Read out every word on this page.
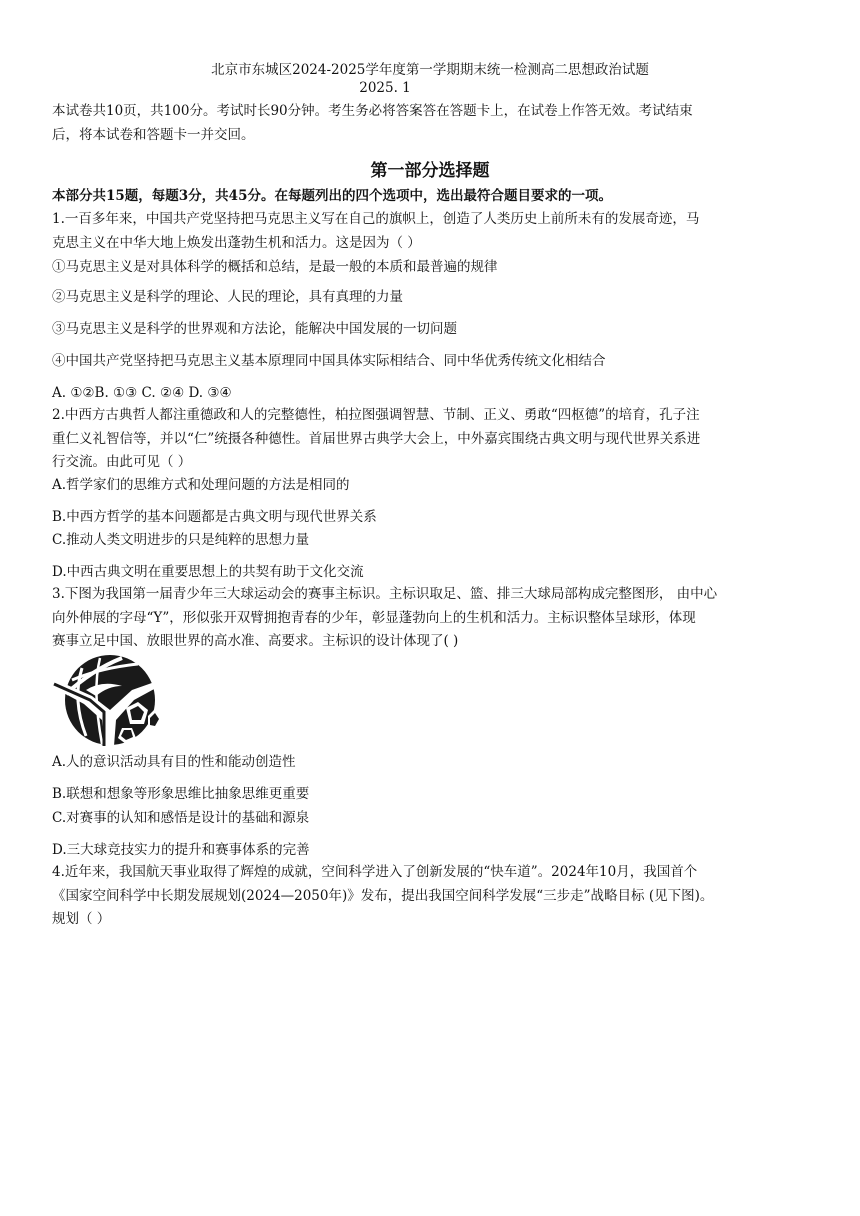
北京市东城区2024-2025学年度第一学期期末统一检测高二思想政治试题
2025. 1
本试卷共10页，共100分。考试时长90分钟。考生务必将答案答在答题卡上，在试卷上作答无效。考试结束
后，将本试卷和答题卡一并交回。
第一部分选择题
本部分共15题，每题3分，共45分。在每题列出的四个选项中，选出最符合题目要求的一项。
1.一百多年来，中国共产党坚持把马克思主义写在自己的旗帜上，创造了人类历史上前所未有的发展奇迹，马
克思主义在中华大地上焕发出蓬勃生机和活力。这是因为（ ）
①马克思主义是对具体科学的概括和总结，是最一般的本质和最普遍的规律
②马克思主义是科学的理论、人民的理论，具有真理的力量
③马克思主义是科学的世界观和方法论，能解决中国发展的一切问题
④中国共产党坚持把马克思主义基本原理同中国具体实际相结合、同中华优秀传统文化相结合
A. ①②B. ①③ C. ②④ D. ③④
2.中西方古典哲人都注重德政和人的完整德性，柏拉图强调智慧、节制、正义、勇敢“四枢德”的培育，孔子注
重仁义礼智信等，并以“仁”统摄各种德性。首届世界古典学大会上，中外嘉宾围绕古典文明与现代世界关系进
行交流。由此可见（ ）
A.哲学家们的思维方式和处理问题的方法是相同的
B.中西方哲学的基本问题都是古典文明与现代世界关系
C.推动人类文明进步的只是纯粹的思想力量
D.中西古典文明在重要思想上的共契有助于文化交流
3.下图为我国第一届青少年三大球运动会的赛事主标识。主标识取足、篮、排三大球局部构成完整图形， 由中心
向外伸展的字母“Y”，形似张开双臂拥抱青春的少年，彰显蓬勃向上的生机和活力。主标识整体呈球形，体现
赛事立足中国、放眼世界的高水准、高要求。主标识的设计体现了( )
A.人的意识活动具有目的性和能动创造性
B.联想和想象等形象思维比抽象思维更重要
C.对赛事的认知和感悟是设计的基础和源泉
D.三大球竞技实力的提升和赛事体系的完善
4.近年来，我国航天事业取得了辉煌的成就，空间科学进入了创新发展的“快车道”。2024年10月，我国首个
《国家空间科学中长期发展规划(2024—2050年)》发布，提出我国空间科学发展“三步走”战略目标 (见下图)。
规划（ ）
